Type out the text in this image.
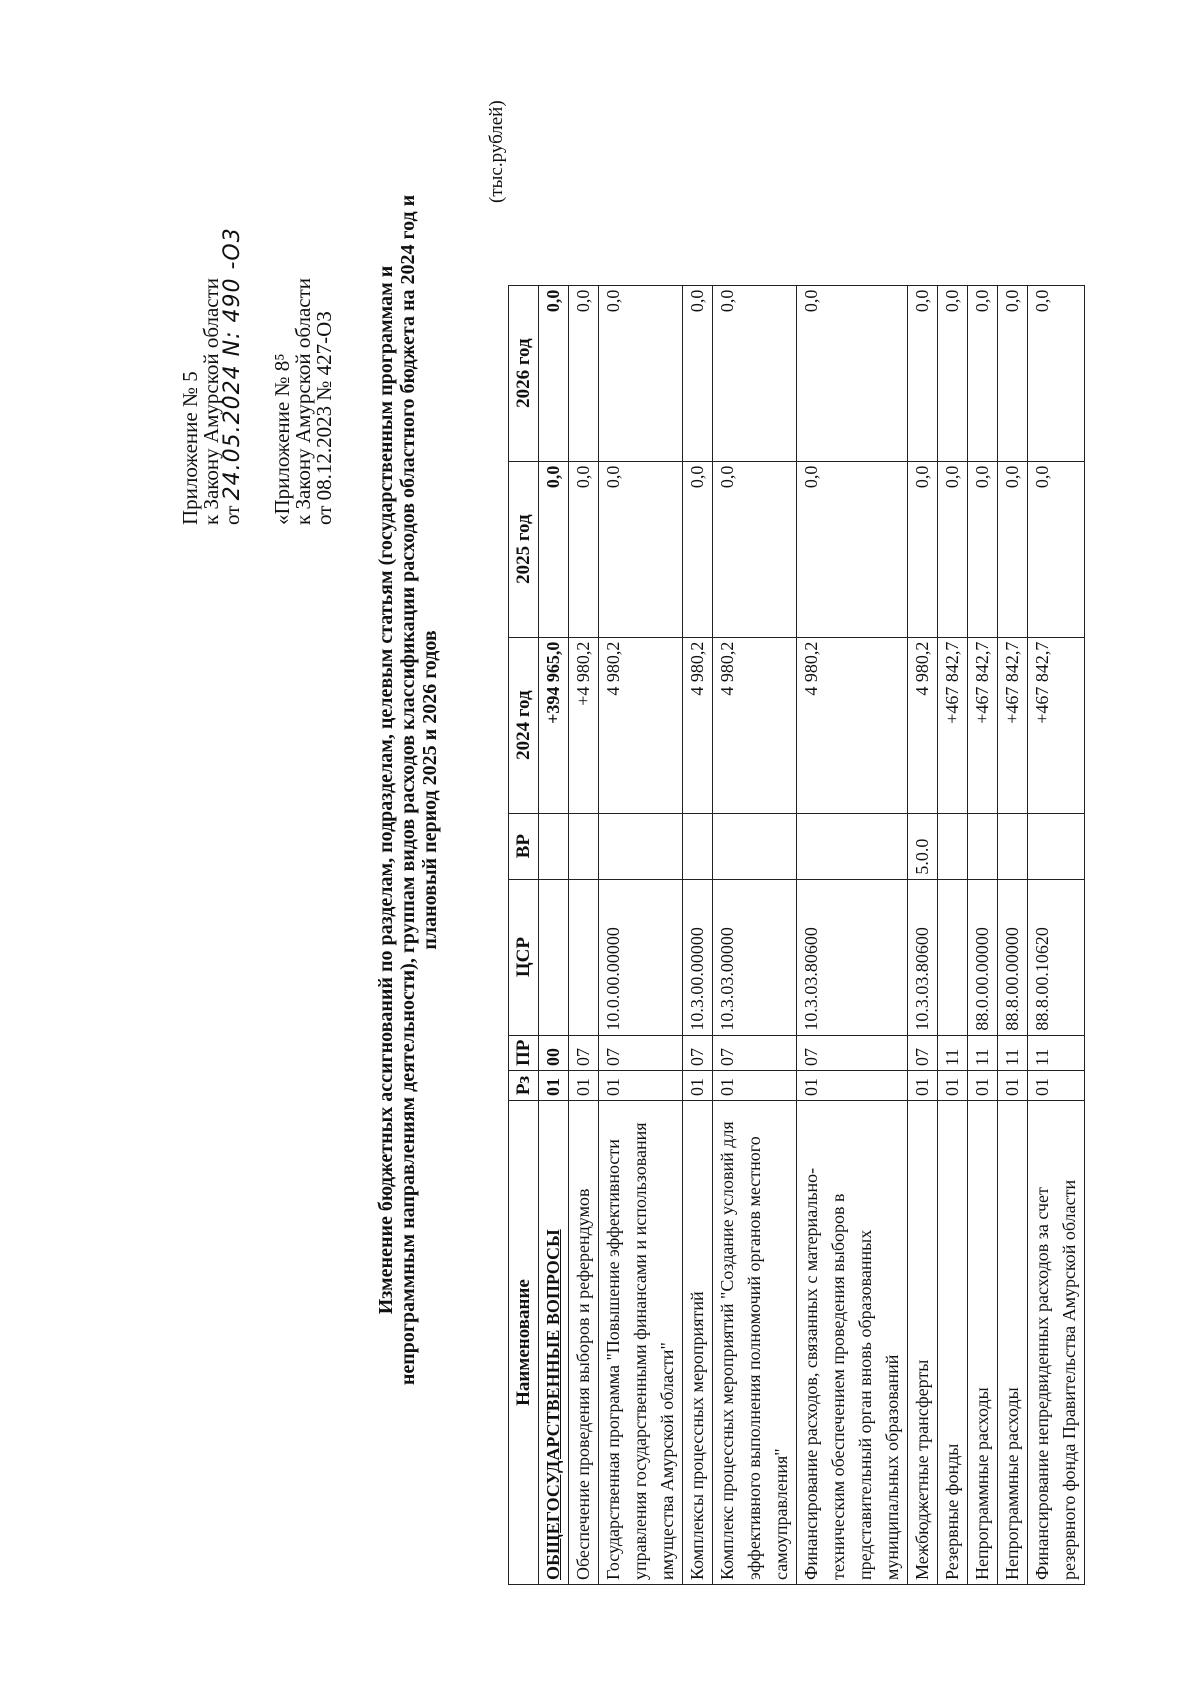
Приложение № 5
к Закону Амурской области
от 24.05.2024 N: 490 -O3 «Приложение № 8⁵
к Закону Амурской области
от 08.12.2023 № 427-ОЗ Изменение бюджетных ассигнований по разделам, подразделам, целевым статьям (государственным программам и непрограммным направлениям деятельности), группам видов расходов классификации расходов областного бюджета на 2024 год и плановый период 2025 и 2026 годов
(тыс.рублей)
Наименование	Рз	ПР	ЦСР	ВР	2024 год	2025 год	2026 год
ОБЩЕГОСУДАРСТВЕННЫЕ ВОПРОСЫ	01	00			+394 965,0	0,0	0,0
Обеспечение проведения выборов и референдумов	01	07			+4 980,2	0,0	0,0
Государственная программа "Повышение эффективности управления государственными финансами и использования имущества Амурской области"	01	07	10.0.00.00000		4 980,2	0,0	0,0
Комплексы процессных мероприятий	01	07	10.3.00.00000		4 980,2	0,0	0,0
Комплекс процессных мероприятий "Создание условий для эффективного выполнения полномочий органов местного самоуправления"	01	07	10.3.03.00000		4 980,2	0,0	0,0
Финансирование расходов, связанных с материально-техническим обеспечением проведения выборов в представительный орган вновь образованных муниципальных образований	01	07	10.3.03.80600		4 980,2	0,0	0,0
Межбюджетные трансферты	01	07	10.3.03.80600	5.0.0	4 980,2	0,0	0,0
Резервные фонды	01	11			+467 842,7	0,0	0,0
Непрограммные расходы	01	11	88.0.00.00000		+467 842,7	0,0	0,0
Непрограммные расходы	01	11	88.8.00.00000		+467 842,7	0,0	0,0
Финансирование непредвиденных расходов за счет резервного фонда Правительства Амурской области	01	11	88.8.00.10620		+467 842,7	0,0	0,0
